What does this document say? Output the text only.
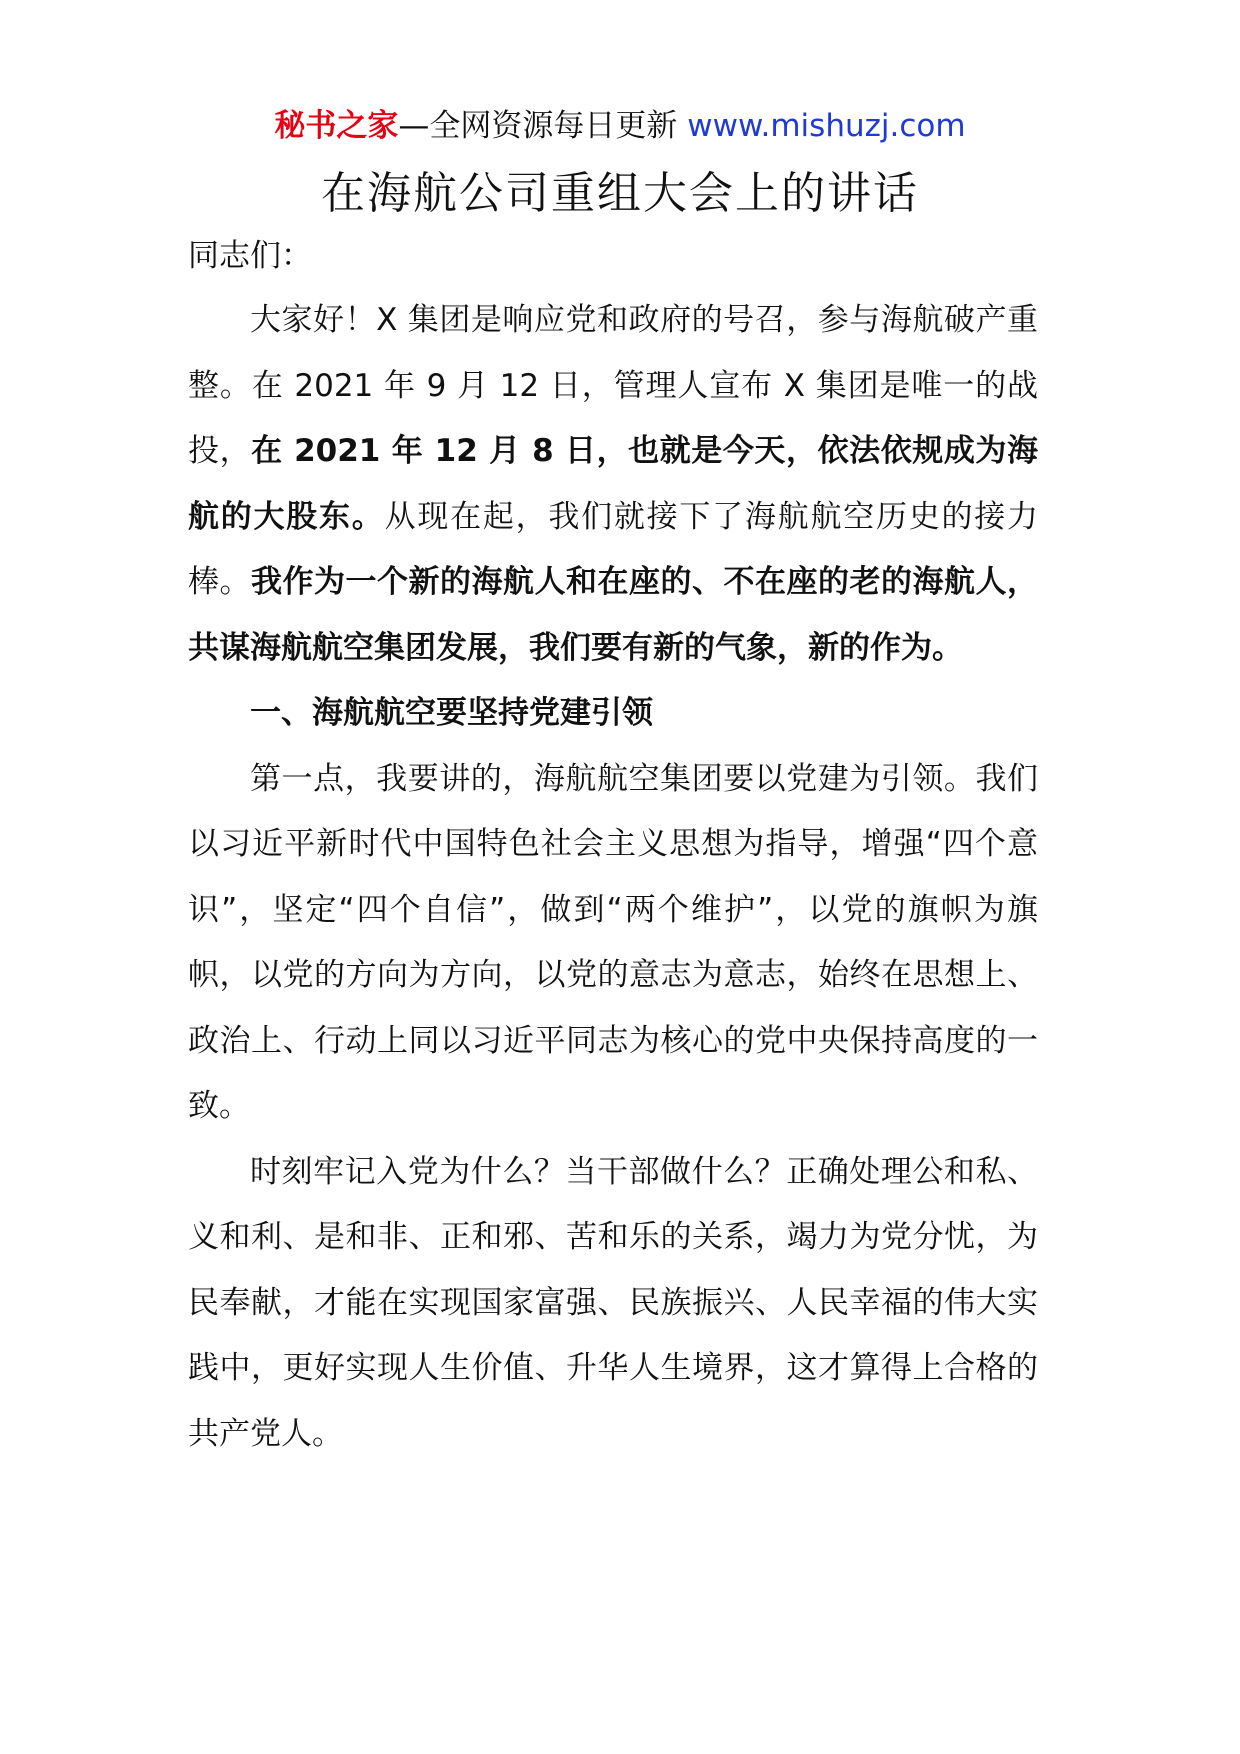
秘书之家—全网资源每日更新 www.mishuzj.com
在海航公司重组大会上的讲话

同志们：

大家好！X 集团是响应党和政府的号召，参与海航破产重整。在 2021 年 9 月 12 日，管理人宣布 X 集团是唯一的战投，在 2021 年 12 月 8 日，也就是今天，依法依规成为海航的大股东。从现在起，我们就接下了海航航空历史的接力棒。我作为一个新的海航人和在座的、不在座的老的海航人，共谋海航航空集团发展，我们要有新的气象，新的作为。

一、海航航空要坚持党建引领

第一点，我要讲的，海航航空集团要以党建为引领。我们以习近平新时代中国特色社会主义思想为指导，增强“四个意识”，坚定“四个自信”，做到“两个维护”，以党的旗帜为旗帜，以党的方向为方向，以党的意志为意志，始终在思想上、政治上、行动上同以习近平同志为核心的党中央保持高度的一致。

时刻牢记入党为什么？当干部做什么？正确处理公和私、义和利、是和非、正和邪、苦和乐的关系，竭力为党分忧，为民奉献，才能在实现国家富强、民族振兴、人民幸福的伟大实践中，更好实现人生价值、升华人生境界，这才算得上合格的共产党人。
